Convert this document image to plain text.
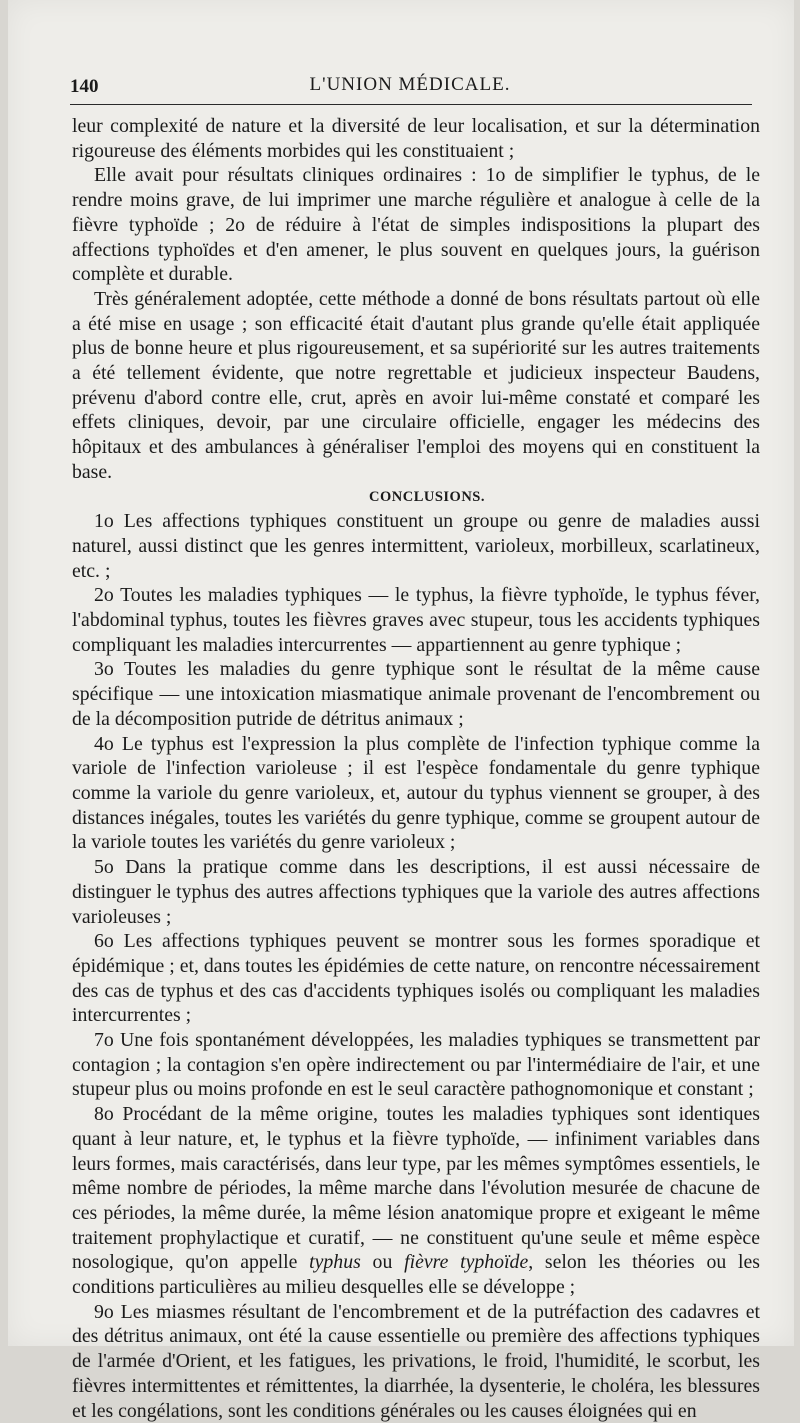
140	L'UNION MÉDICALE.

leur complexité de nature et la diversité de leur localisation, et sur la détermination rigoureuse des éléments morbides qui les constituaient ;

Elle avait pour résultats cliniques ordinaires : 1o de simplifier le typhus, de le rendre moins grave, de lui imprimer une marche régulière et analogue à celle de la fièvre typhoïde ; 2o de réduire à l'état de simples indispositions la plupart des affections typhoïdes et d'en amener, le plus souvent en quelques jours, la guérison complète et durable.

Très généralement adoptée, cette méthode a donné de bons résultats partout où elle a été mise en usage ; son efficacité était d'autant plus grande qu'elle était appliquée plus de bonne heure et plus rigoureusement, et sa supériorité sur les autres traitements a été tellement évidente, que notre regrettable et judicieux inspecteur Baudens, prévenu d'abord contre elle, crut, après en avoir lui-même constaté et comparé les effets cliniques, devoir, par une circulaire officielle, engager les médecins des hôpitaux et des ambulances à généraliser l'emploi des moyens qui en constituent la base.

CONCLUSIONS.

1o Les affections typhiques constituent un groupe ou genre de maladies aussi naturel, aussi distinct que les genres intermittent, varioleux, morbilleux, scarlatineux, etc. ;

2o Toutes les maladies typhiques — le typhus, la fièvre typhoïde, le typhus féver, l'abdominal typhus, toutes les fièvres graves avec stupeur, tous les accidents typhiques compliquant les maladies intercurrentes — appartiennent au genre typhique ;

3o Toutes les maladies du genre typhique sont le résultat de la même cause spécifique — une intoxication miasmatique animale provenant de l'encombrement ou de la décomposition putride de détritus animaux ;

4o Le typhus est l'expression la plus complète de l'infection typhique comme la variole de l'infection varioleuse ; il est l'espèce fondamentale du genre typhique comme la variole du genre varioleux, et, autour du typhus viennent se grouper, à des distances inégales, toutes les variétés du genre typhique, comme se groupent autour de la variole toutes les variétés du genre varioleux ;

5o Dans la pratique comme dans les descriptions, il est aussi nécessaire de distinguer le typhus des autres affections typhiques que la variole des autres affections varioleuses ;

6o Les affections typhiques peuvent se montrer sous les formes sporadique et épidémique ; et, dans toutes les épidémies de cette nature, on rencontre nécessairement des cas de typhus et des cas d'accidents typhiques isolés ou compliquant les maladies intercurrentes ;

7o Une fois spontanément développées, les maladies typhiques se transmettent par contagion ; la contagion s'en opère indirectement ou par l'intermédiaire de l'air, et une stupeur plus ou moins profonde en est le seul caractère pathognomonique et constant ;

8o Procédant de la même origine, toutes les maladies typhiques sont identiques quant à leur nature, et, le typhus et la fièvre typhoïde, — infiniment variables dans leurs formes, mais caractérisés, dans leur type, par les mêmes symptômes essentiels, le même nombre de périodes, la même marche dans l'évolution mesurée de chacune de ces périodes, la même durée, la même lésion anatomique propre et exigeant le même traitement prophylactique et curatif, — ne constituent qu'une seule et même espèce nosologique, qu'on appelle typhus ou fièvre typhoïde, selon les théories ou les conditions particulières au milieu desquelles elle se développe ;

9o Les miasmes résultant de l'encombrement et de la putréfaction des cadavres et des détritus animaux, ont été la cause essentielle ou première des affections typhiques de l'armée d'Orient, et les fatigues, les privations, le froid, l'humidité, le scorbut, les fièvres intermittentes et rémittentes, la diarrhée, la dysenterie, le choléra, les blessures et les congélations, sont les conditions générales ou les causes éloignées qui en
